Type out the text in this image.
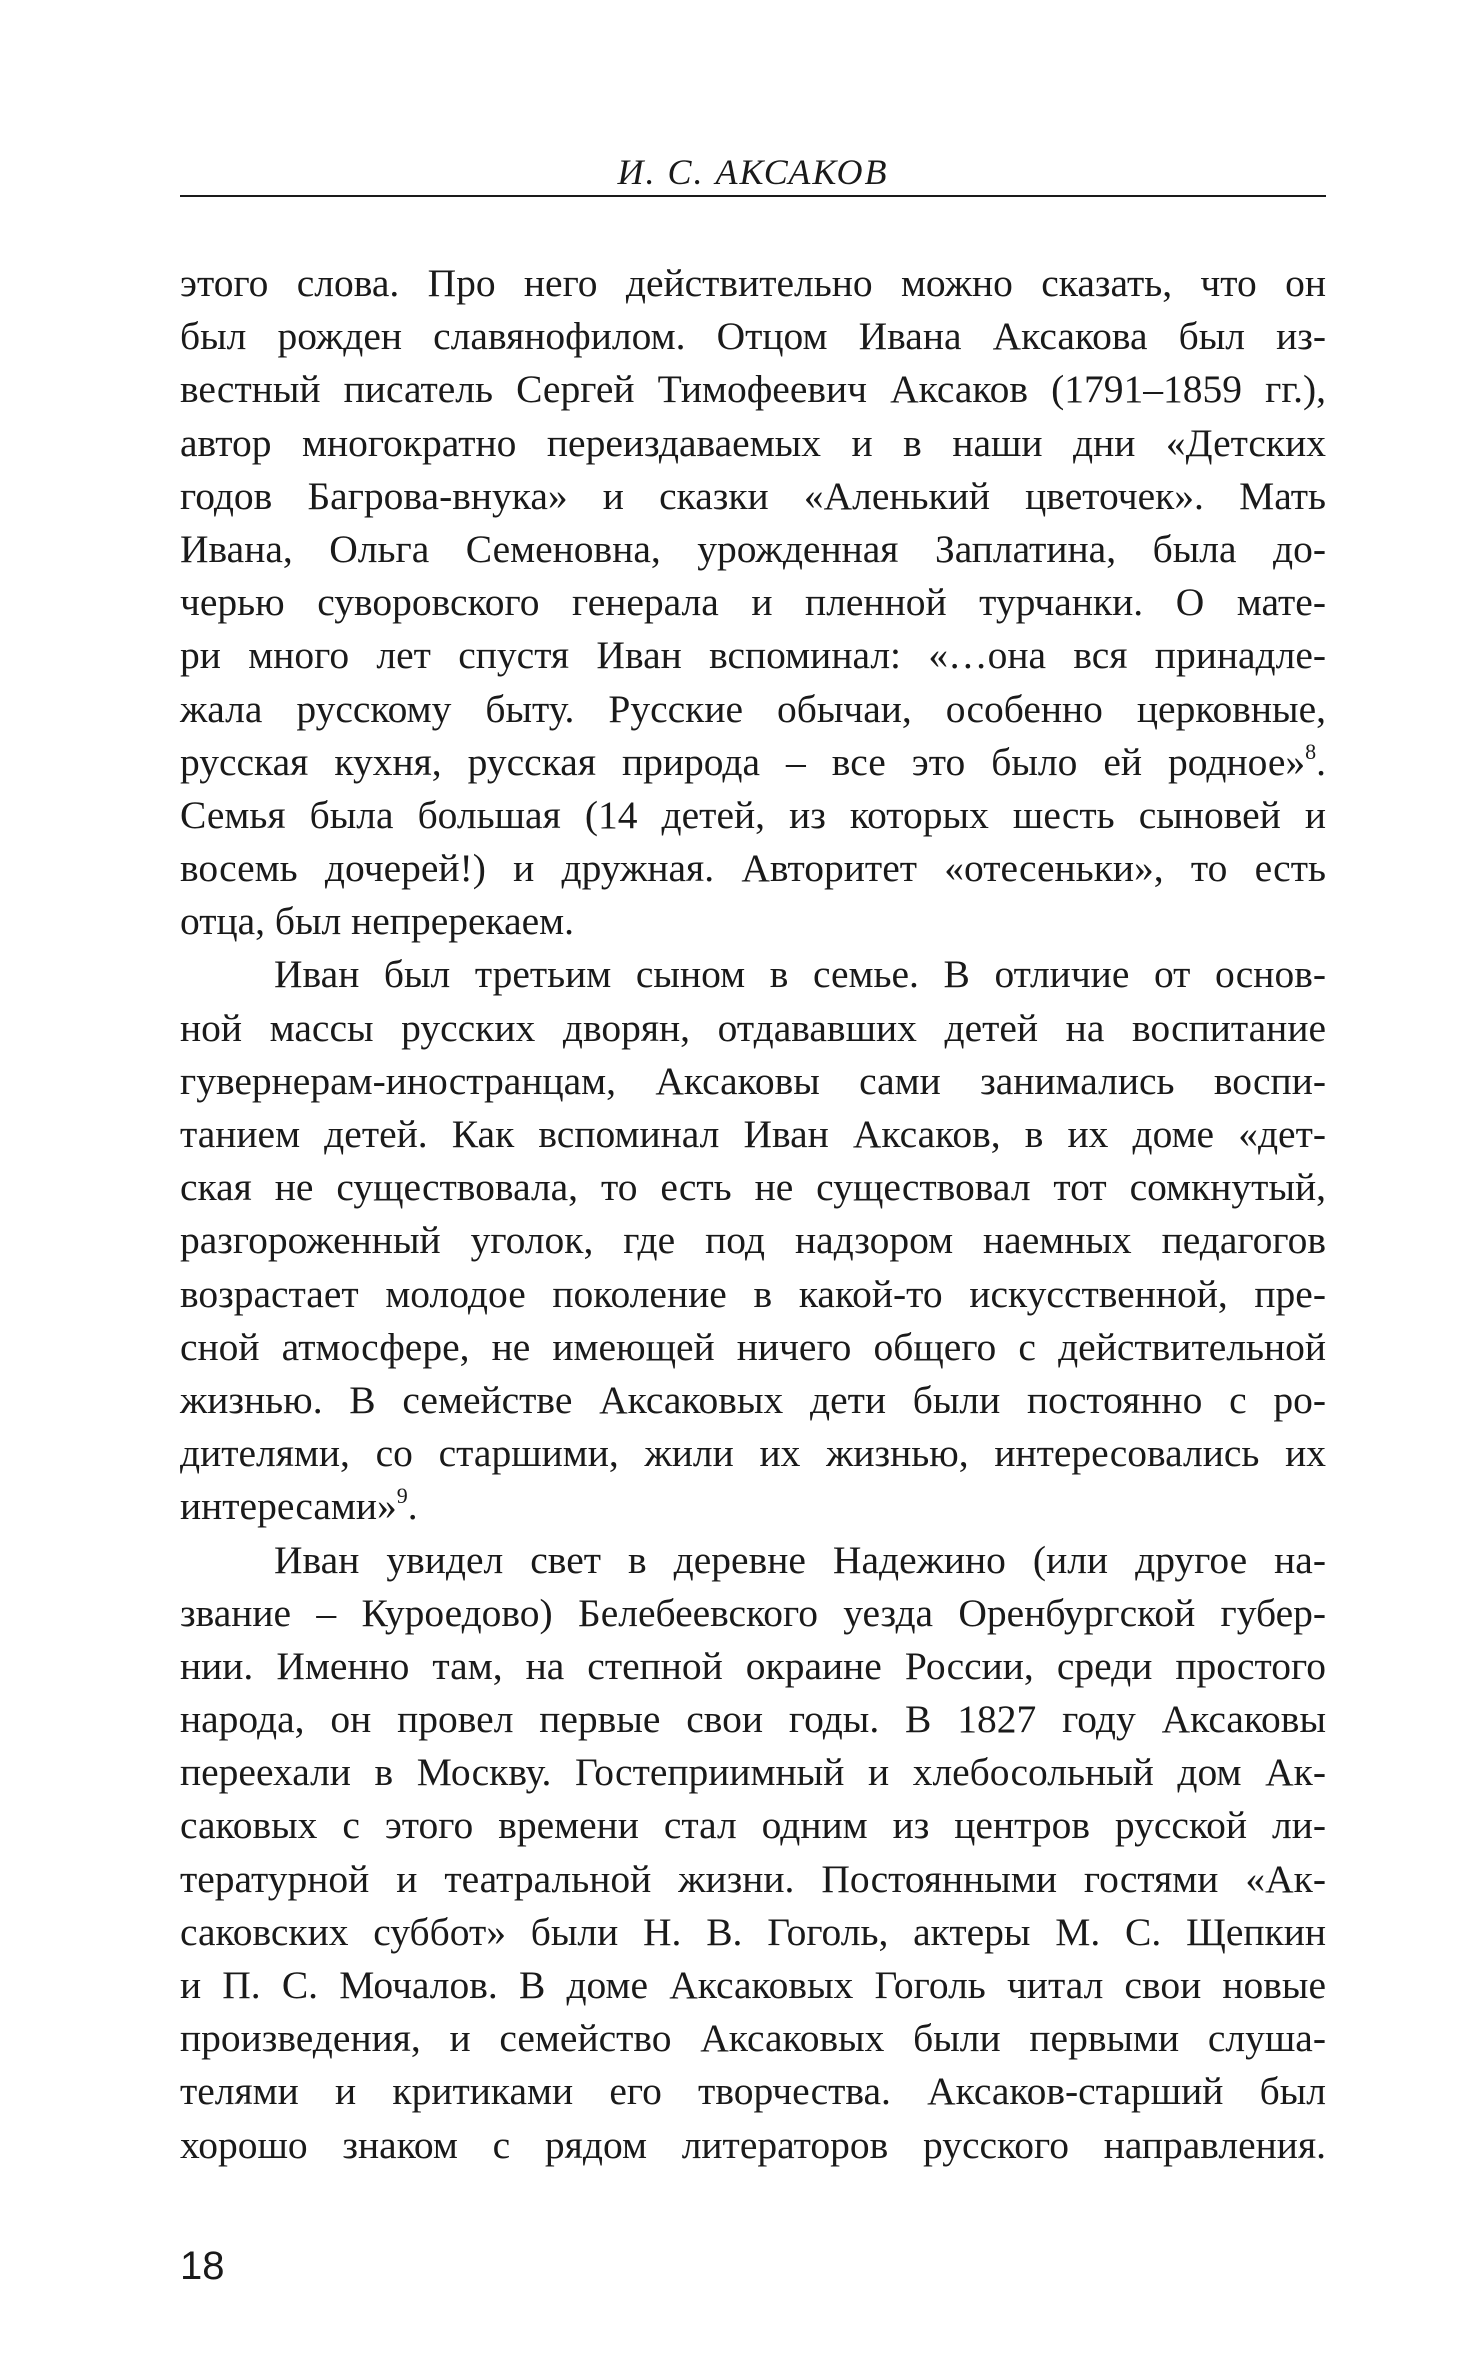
И. С. АКСАКОВ
этого слова. Про него действительно можно сказать, что он
был рожден славянофилом. Отцом Ивана Аксакова был из-
вестный писатель Сергей Тимофеевич Аксаков (1791–1859 гг.),
автор многократно переиздаваемых и в наши дни «Детских
годов Багрова-внука» и сказки «Аленький цветочек». Мать
Ивана, Ольга Семеновна, урожденная Заплатина, была до-
черью суворовского генерала и пленной турчанки. О мате-
ри много лет спустя Иван вспоминал: «…она вся принадле-
жала русскому быту. Русские обычаи, особенно церковные,
русская кухня, русская природа – все это было ей родное»$^8$.
Семья была большая (14 детей, из которых шесть сыновей и
восемь дочерей!) и дружная. Авторитет «отесеньки», то есть
отца, был непререкаем.
Иван был третьим сыном в семье. В отличие от основ-
ной массы русских дворян, отдававших детей на воспитание
гувернерам-иностранцам, Аксаковы сами занимались воспи-
танием детей. Как вспоминал Иван Аксаков, в их доме «дет-
ская не существовала, то есть не существовал тот сомкнутый,
разгороженный уголок, где под надзором наемных педагогов
возрастает молодое поколение в какой-то искусственной, пре-
сной атмосфере, не имеющей ничего общего с действительной
жизнью. В семействе Аксаковых дети были постоянно с ро-
дителями, со старшими, жили их жизнью, интересовались их
интересами»$^9$.
Иван увидел свет в деревне Надежино (или другое на-
звание – Куроедово) Белебеевского уезда Оренбургской губер-
нии. Именно там, на степной окраине России, среди простого
народа, он провел первые свои годы. В 1827 году Аксаковы
переехали в Москву. Гостеприимный и хлебосольный дом Ак-
саковых с этого времени стал одним из центров русской ли-
тературной и театральной жизни. Постоянными гостями «Ак-
саковских суббот» были Н. В. Гоголь, актеры М. С. Щепкин
и П. С. Мочалов. В доме Аксаковых Гоголь читал свои новые
произведения, и семейство Аксаковых были первыми слуша-
телями и критиками его творчества. Аксаков-старший был
хорошо знаком с рядом литераторов русского направления.
18
